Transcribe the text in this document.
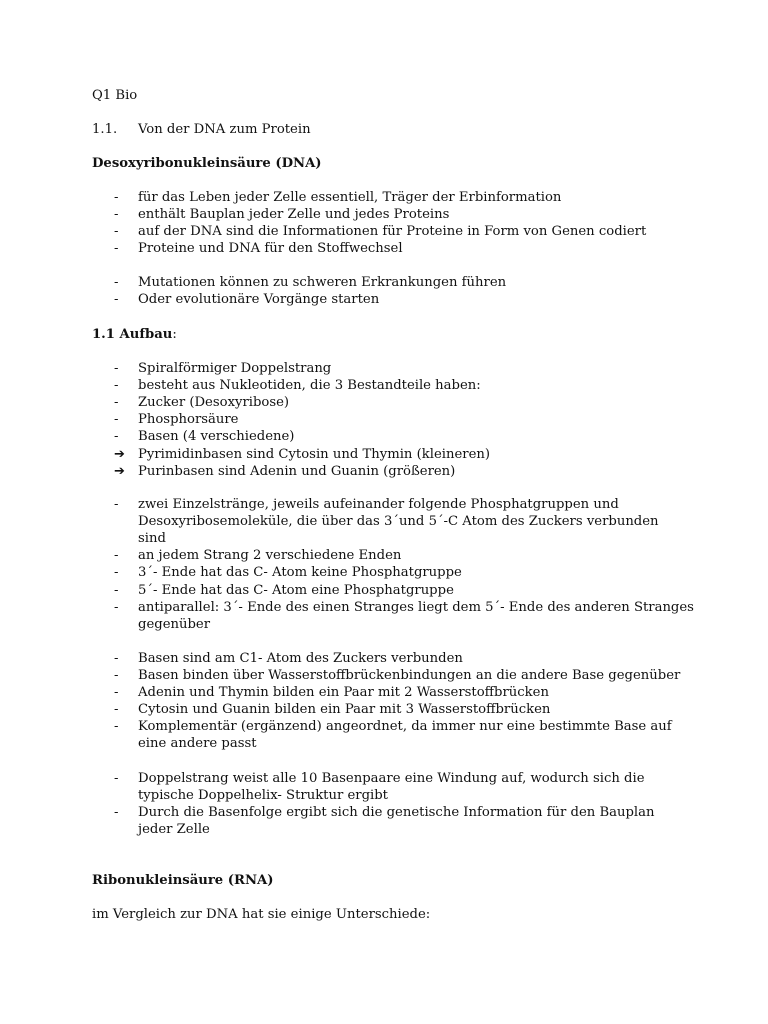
Q1 Bio
1.1. Von der DNA zum Protein
Desoxyribonukleinsäure (DNA)
1.1 Aufbau:
Ribonukleinsäure (RNA)
im Vergleich zur DNA hat sie einige Unterschiede:
-	für das Leben jeder Zelle essentiell, Träger der Erbinformation
-	enthält Bauplan jeder Zelle und jedes Proteins
-	auf der DNA sind die Informationen für Proteine in Form von Genen codiert
-	Proteine und DNA für den Stoffwechsel
-	Mutationen können zu schweren Erkrankungen führen
-	Oder evolutionäre Vorgänge starten
-	Spiralförmiger Doppelstrang
-	besteht aus Nukleotiden, die 3 Bestandteile haben:
-	Zucker (Desoxyribose)
-	Phosphorsäure
-	Basen (4 verschiedene)
➔ Pyrimidinbasen sind Cytosin und Thymin (kleineren)
➔ Purinbasen sind Adenin und Guanin (größeren)
-	zwei Einzelstränge, jeweils aufeinander folgende Phosphatgruppen und
Desoxyribosemoleküle, die über das 3´und 5´-C Atom des Zuckers verbunden
sind
-	an jedem Strang 2 verschiedene Enden
-	3´- Ende hat das C- Atom keine Phosphatgruppe
-	5´- Ende hat das C- Atom eine Phosphatgruppe
-	antiparallel: 3´- Ende des einen Stranges liegt dem 5´- Ende des anderen Stranges
gegenüber
-	Basen sind am C1- Atom des Zuckers verbunden
-	Basen binden über Wasserstoffbrückenbindungen an die andere Base gegenüber
-	Adenin und Thymin bilden ein Paar mit 2 Wasserstoffbrücken
-	Cytosin und Guanin bilden ein Paar mit 3 Wasserstoffbrücken
-	Komplementär (ergänzend) angeordnet, da immer nur eine bestimmte Base auf
eine andere passt
-	Doppelstrang weist alle 10 Basenpaare eine Windung auf, wodurch sich die
typische Doppelhelix- Struktur ergibt
-	Durch die Basenfolge ergibt sich die genetische Information für den Bauplan
jeder Zelle
